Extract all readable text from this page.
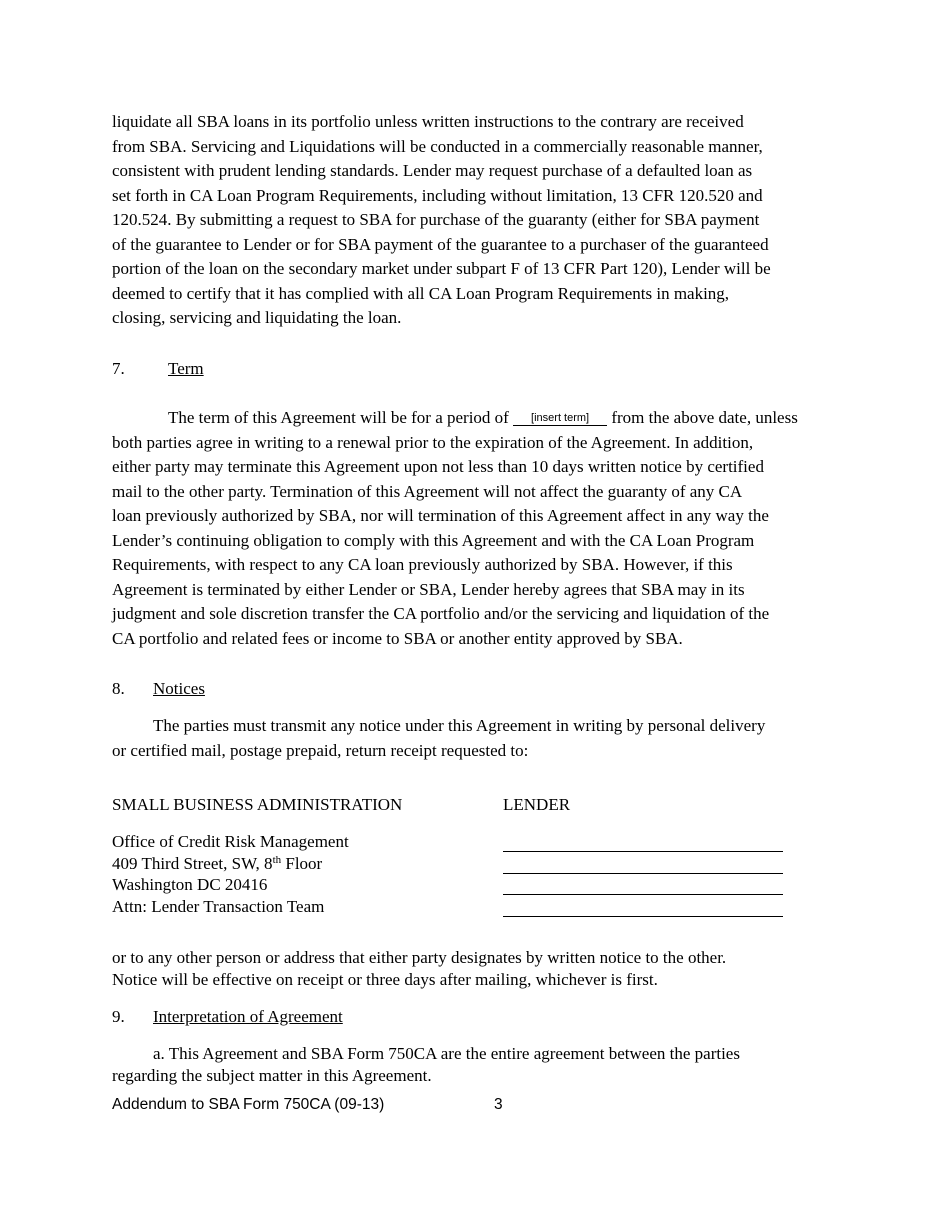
liquidate all SBA loans in its portfolio unless written instructions to the contrary are received
from SBA. Servicing and Liquidations will be conducted in a commercially reasonable manner,
consistent with prudent lending standards. Lender may request purchase of a defaulted loan as
set forth in CA Loan Program Requirements, including without limitation, 13 CFR 120.520 and
120.524. By submitting a request to SBA for purchase of the guaranty (either for SBA payment
of the guarantee to Lender or for SBA payment of the guarantee to a purchaser of the guaranteed
portion of the loan on the secondary market under subpart F of 13 CFR Part 120), Lender will be
deemed to certify that it has complied with all CA Loan Program Requirements in making,
closing, servicing and liquidating the loan.
7.	Term
The term of this Agreement will be for a period of [insert term] from the above date, unless
both parties agree in writing to a renewal prior to the expiration of the Agreement. In addition,
either party may terminate this Agreement upon not less than 10 days written notice by certified
mail to the other party. Termination of this Agreement will not affect the guaranty of any CA
loan previously authorized by SBA, nor will termination of this Agreement affect in any way the
Lender’s continuing obligation to comply with this Agreement and with the CA Loan Program
Requirements, with respect to any CA loan previously authorized by SBA. However, if this
Agreement is terminated by either Lender or SBA, Lender hereby agrees that SBA may in its
judgment and sole discretion transfer the CA portfolio and/or the servicing and liquidation of the
CA portfolio and related fees or income to SBA or another entity approved by SBA.
8. Notices
The parties must transmit any notice under this Agreement in writing by personal delivery
or certified mail, postage prepaid, return receipt requested to:
SMALL BUSINESS ADMINISTRATION	LENDER
Office of Credit Risk Management
409 Third Street, SW, 8th Floor
Washington DC 20416
Attn: Lender Transaction Team
or to any other person or address that either party designates by written notice to the other.
Notice will be effective on receipt or three days after mailing, whichever is first.
9. Interpretation of Agreement
a. This Agreement and SBA Form 750CA are the entire agreement between the parties
regarding the subject matter in this Agreement.
Addendum to SBA Form 750CA (09-13)	3
